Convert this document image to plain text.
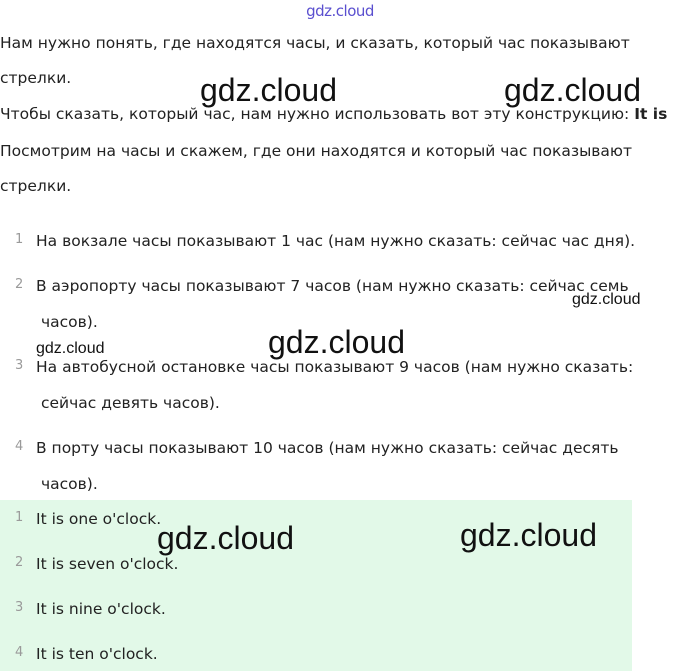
gdz.cloud
Нам нужно понять, где находятся часы, и сказать, который час показывают
стрелки.
Чтобы сказать, который час, нам нужно использовать вот эту конструкцию: It is
Посмотрим на часы и скажем, где они находятся и который час показывают
стрелки.
1 На вокзале часы показывают 1 час (нам нужно сказать: сейчас час дня).
2 В аэропорту часы показывают 7 часов (нам нужно сказать: сейчас семь
часов).
3 На автобусной остановке часы показывают 9 часов (нам нужно сказать:
сейчас девять часов).
4 В порту часы показывают 10 часов (нам нужно сказать: сейчас десять
часов).
1 It is one o'clock.
2 It is seven o'clock.
3 It is nine o'clock.
4 It is ten o'clock.
gdz.cloud	gdz.cloud
gdz.cloud
gdz.cloud
gdz.cloud
gdz.cloud	gdz.cloud
